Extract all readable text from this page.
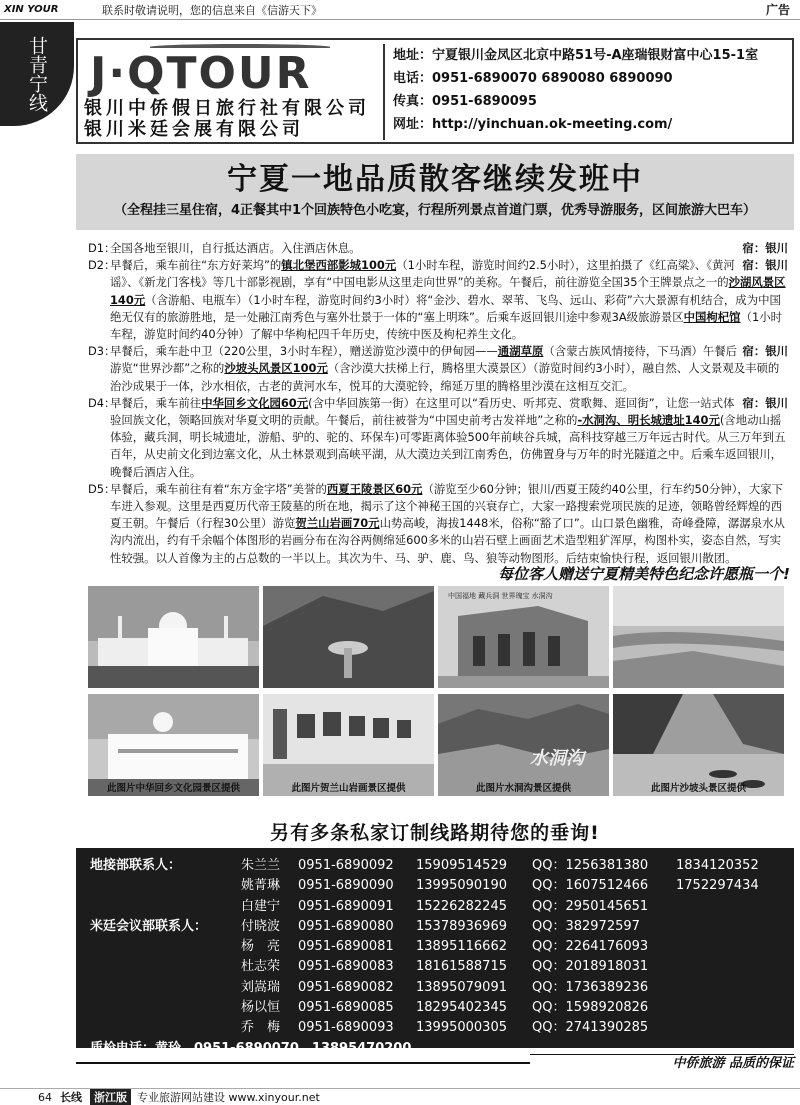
XIN YOUR	联系时敬请说明，您的信息来自《信游天下》	广告
甘青宁线 J·QTOUR
银川中侨假日旅行社有限公司
银川米廷会展有限公司
地址：宁夏银川金凤区北京中路51号-A座瑞银财富中心15-1室
电话：0951-6890070 6890080 6890090
传真：0951-6890095
网址：http://yinchuan.ok-meeting.com/
宁夏一地品质散客继续发班中

（全程挂三星住宿，4正餐其中1个回族特色小吃宴，行程所列景点首道门票，优秀导游服务，区间旅游大巴车）

D1：	宿：银川
全国各地至银川，自行抵达酒店。入住酒店休息。
D2：	宿：银川
早餐后，乘车前往“东方好莱坞”的镇北堡西部影城100元（1小时车程，游览时间约2.5小时），这里拍摄了《红高粱》、《黄河谣》、《新龙门客栈》等几十部影视剧，享有“中国电影从这里走向世界”的美称。午餐后，前往游览全国35个王牌景点之一的沙湖风景区140元（含游船、电瓶车）（1小时车程，游览时间约3小时）将“金沙、碧水、翠苇、飞鸟、远山、彩荷”六大景源有机结合，成为中国绝无仅有的旅游胜地，是一处融江南秀色与塞外壮景于一体的“塞上明珠”。后乘车返回银川途中参观3A级旅游景区中国枸杞馆（1小时车程，游览时间约40分钟）了解中华枸杞四千年历史，传统中医及枸杞养生文化。
D3：	宿：银川
早餐后，乘车赴中卫（220公里，3小时车程），赠送游览沙漠中的伊甸园——通湖草原（含蒙古族风情接待，下马酒）午餐后游览“世界沙都”之称的沙坡头风景区100元（含沙漠大扶梯上行，腾格里大漠景区）（游览时间约3小时），融自然、人文景观及丰硕的治沙成果于一体，沙水相依，古老的黄河水车，悦耳的大漠驼铃，绵延万里的腾格里沙漠在这相互交汇。
D4：	宿：银川
早餐后，乘车前往中华回乡文化园60元(含中华回族第一街）在这里可以“看历史、听邦克、赏歌舞、逛回街”，让您一站式体验回族文化，领略回族对华夏文明的贡献。午餐后，前往被誉为“中国史前考古发祥地”之称的-水洞沟、明长城遗址140元(含地动山摇体验，藏兵洞，明长城遗址，游船、驴的、驼的、环保车)可零距离体验500年前峡谷兵城，高科技穿越三万年远古时代。从三万年到五百年，从史前文化到边塞文化，从土林景观到高峡平湖，从大漠边关到江南秀色，仿佛置身与万年的时光隧道之中。后乘车返回银川，晚餐后酒店入住。
D5：
早餐后，乘车前往有着“东方金字塔”美誉的西夏王陵景区60元（游览至少60分钟；银川/西夏王陵约40公里，行车约50分钟），大家下车进入参观。这里是西夏历代帝王陵墓的所在地，揭示了这个神秘王国的兴衰存亡，大家一路搜索党项民族的足迹，领略曾经辉煌的西夏王朝。午餐后（行程30公里）游览贺兰山岩画70元山势高峻，海拔1448米，俗称“豁了口”。山口景色幽雅，奇峰叠障，潺潺泉水从沟内流出，约有千余幅个体图形的岩画分布在沟谷两侧绵延600多米的山岩石壁上画面艺术造型粗犷浑厚，构图朴实，姿态自然，写实性较强。以人首像为主的占总数的一半以上。其次为牛、马、驴、鹿、鸟、狼等动物图形。后结束愉快行程，返回银川散团。
每位客人赠送宁夏精美特色纪念许愿瓶一个!
中国福地 藏兵洞 世界瑰宝 水洞沟
水洞沟
此图片中华回乡文化园景区提供	此图片贺兰山岩画景区提供	此图片水洞沟景区提供	此图片沙坡头景区提供
另有多条私家订制线路期待您的垂询!
地接部联系人：	朱兰兰 0951-6890092 15909514529 QQ：1256381380 1834120352
姚菁琳 0951-6890090 13995090190 QQ：1607512466 1752297434
白建宁 0951-6890091 15226282245 QQ：2950145651
米廷会议部联系人：	付晓波 0951-6890080 15378936969 QQ：382972597
杨　亮 0951-6890081 13895116662 QQ：2264176093
杜志荣 0951-6890083 18161588715 QQ：2018918031
刘嵩瑞 0951-6890082 13895079091 QQ：1736389236
杨以恒 0951-6890085 18295402345 QQ：1598920826
乔　梅 0951-6890093 13995000305 QQ：2741390285
质检电话：黄玲　0951-6890070　13895470200
中侨旅游 品质的保证
64 长线	浙江版 专业旅游网站建设 www.xinyour.net
